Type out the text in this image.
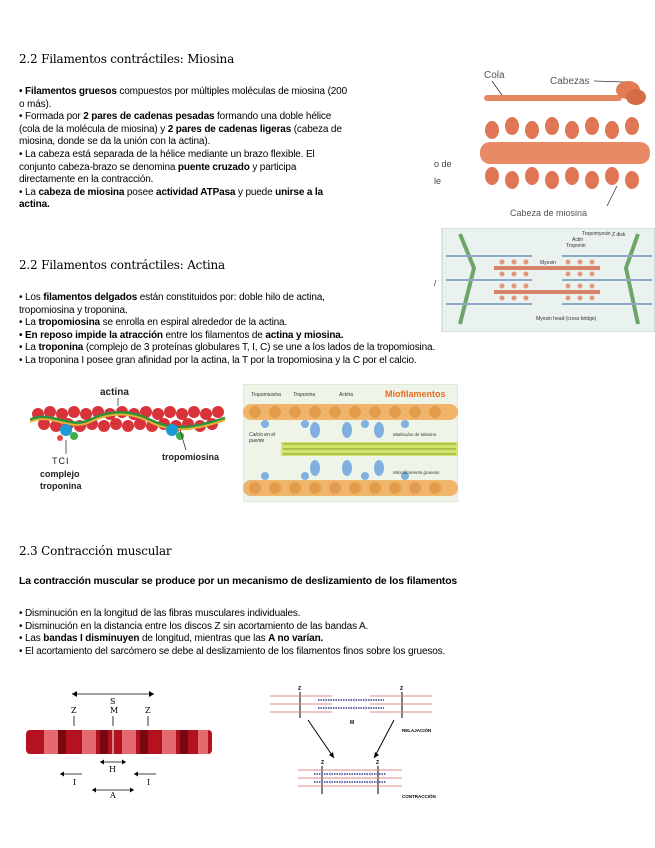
2.2 Filamentos contráctiles: Miosina
• Filamentos gruesos compuestos por múltiples moléculas de miosina (200
o más).
• Formada por 2 pares de cadenas pesadas formando una doble hélice
(cola de la molécula de miosina) y 2 pares de cadenas ligeras (cabeza de
miosina, donde se da la unión con la actina).
• La cabeza está separada de la hélice mediante un brazo flexible. El
conjunto cabeza-brazo se denomina puente cruzado y participa
directamente en la contracción.
• La cabeza de miosina posee actividad ATPasa y puede unirse a la
actina.
o de
le
Cola
Cabezas
Cabeza de miosina
/
Z disk
Tropomyosin
Actin
Troponin
Myosin
Myosin head (cross bridge)
2.2 Filamentos contráctiles: Actina
• Los filamentos delgados están constituidos por: doble hilo de actina,
tropomiosina y troponina.
• La tropomiosina se enrolla en espiral alrededor de la actina.
• En reposo impide la atracción entre los filamentos de actina y miosina.
• La troponina (complejo de 3 proteínas globulares T, I, C) se une a los lados de la tropomiosina.
• La troponina I posee gran afinidad por la actina, la T por la tropomiosina y la C por el calcio.
actina
TCI
complejo
troponina
tropomiosina
Miofilamentos
Tropomiosina Troponina	Actina
Calcio en el
puente
Moléculas de Miosina
Microfilamento gruesos
2.3 Contracción muscular
La contracción muscular se produce por un mecanismo de deslizamiento de los filamentos
• Disminución en la longitud de las fibras musculares individuales.
• Disminución en la distancia entre los discos Z sin acortamiento de las bandas A.
• Las bandas I disminuyen de longitud, mientras que las A no varían.
• El acortamiento del sarcómero se debe al deslizamiento de los filamentos finos sobre los gruesos.
S
Z	M	Z
H
I	I
A
Z	Z
M
RELAJACIÓN
Z	Z
CONTRACCIÓN
